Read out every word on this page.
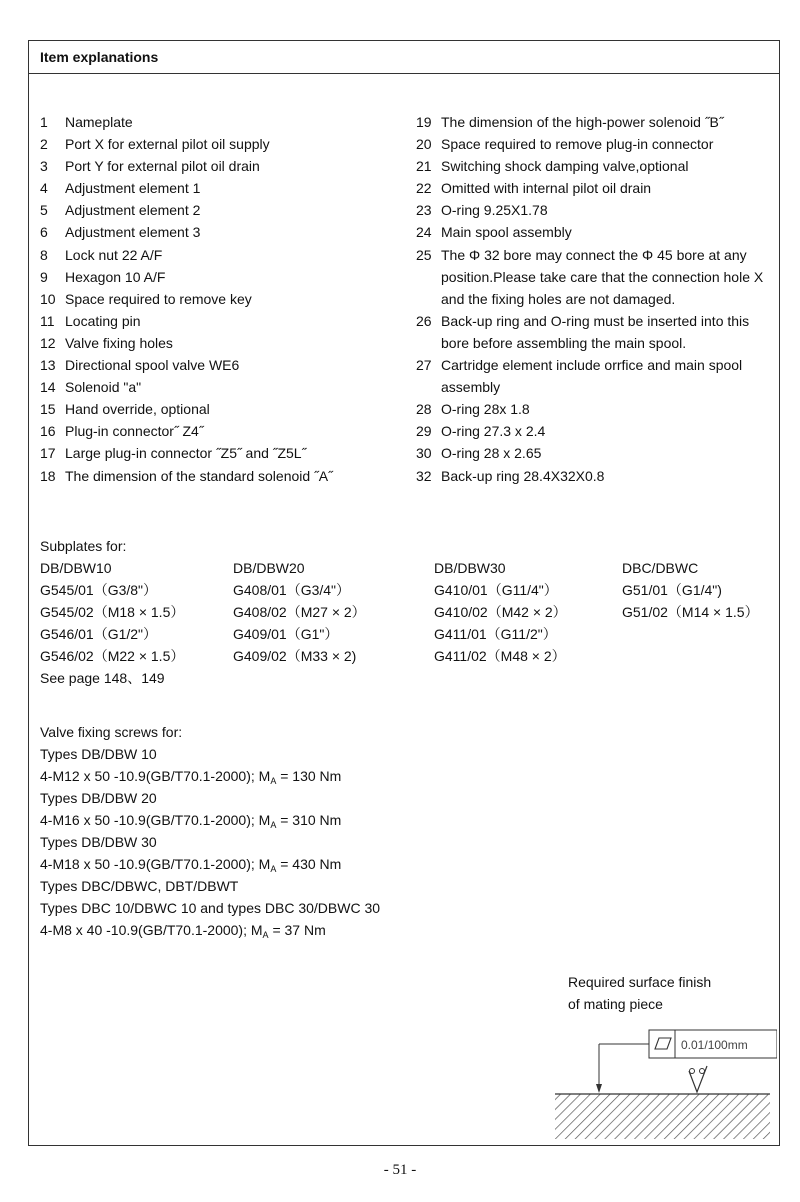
Item explanations
1	Nameplate
2	Port X for external pilot oil supply
3	Port Y for external pilot oil drain
4	Adjustment element 1
5	Adjustment element 2
6	Adjustment element 3
8	Lock nut 22 A/F
9	Hexagon 10 A/F
10 Space required to remove key
11 Locating pin
12 Valve fixing holes
13 Directional spool valve WE6
14 Solenoid "a"
15 Hand override, optional
16 Plug-in connector˝ Z4˝
17 Large plug-in connector ˝Z5˝ and ˝Z5L˝
18 The dimension of the standard solenoid ˝A˝
19 The dimension of the high-power solenoid ˝B˝
20 Space required to remove plug-in connector
21 Switching shock damping valve,optional
22 Omitted with internal pilot oil drain
23 O-ring 9.25X1.78
24 Main spool assembly
25 The Φ 32 bore may connect the Φ 45 bore at any position.Please take care that the connection hole X and the fixing holes are not damaged.
26 Back-up ring and O-ring must be inserted into this bore before assembling the main spool.
27 Cartridge element include orrfice and main spool assembly
28 O-ring 28x 1.8
29 O-ring 27.3 x 2.4
30 O-ring 28 x 2.65
32 Back-up ring 28.4X32X0.8
Subplates for:
DB/DBW10	DB/DBW20	DB/DBW30	DBC/DBWC
G545/01（G3/8"）	G408/01（G3/4"）	G410/01（G11/4"）	G51/01（G1/4")
G545/02（M18 × 1.5）	G408/02（M27 × 2）	G410/02（M42 × 2）	G51/02（M14 × 1.5）
G546/01（G1/2"）	G409/01（G1"）	G411/01（G11/2"）
G546/02（M22 × 1.5）	G409/02（M33 × 2)	G411/02（M48 × 2）
See page 148、149
Valve fixing screws for:
Types DB/DBW 10
4-M12 x 50 -10.9(GB/T70.1-2000); $M_A = 130$ Nm
Types DB/DBW 20
4-M16 x 50 -10.9(GB/T70.1-2000); $M_A = 310$ Nm
Types DB/DBW 30
4-M18 x 50 -10.9(GB/T70.1-2000); $M_A = 430$ Nm
Types DBC/DBWC, DBT/DBWT
Types DBC 10/DBWC 10 and types DBC 30/DBWC 30
4-M8 x 40 -10.9(GB/T70.1-2000); $M_A = 37$ Nm
Required surface finish
of mating piece
0.01/100mm
- 51 -
